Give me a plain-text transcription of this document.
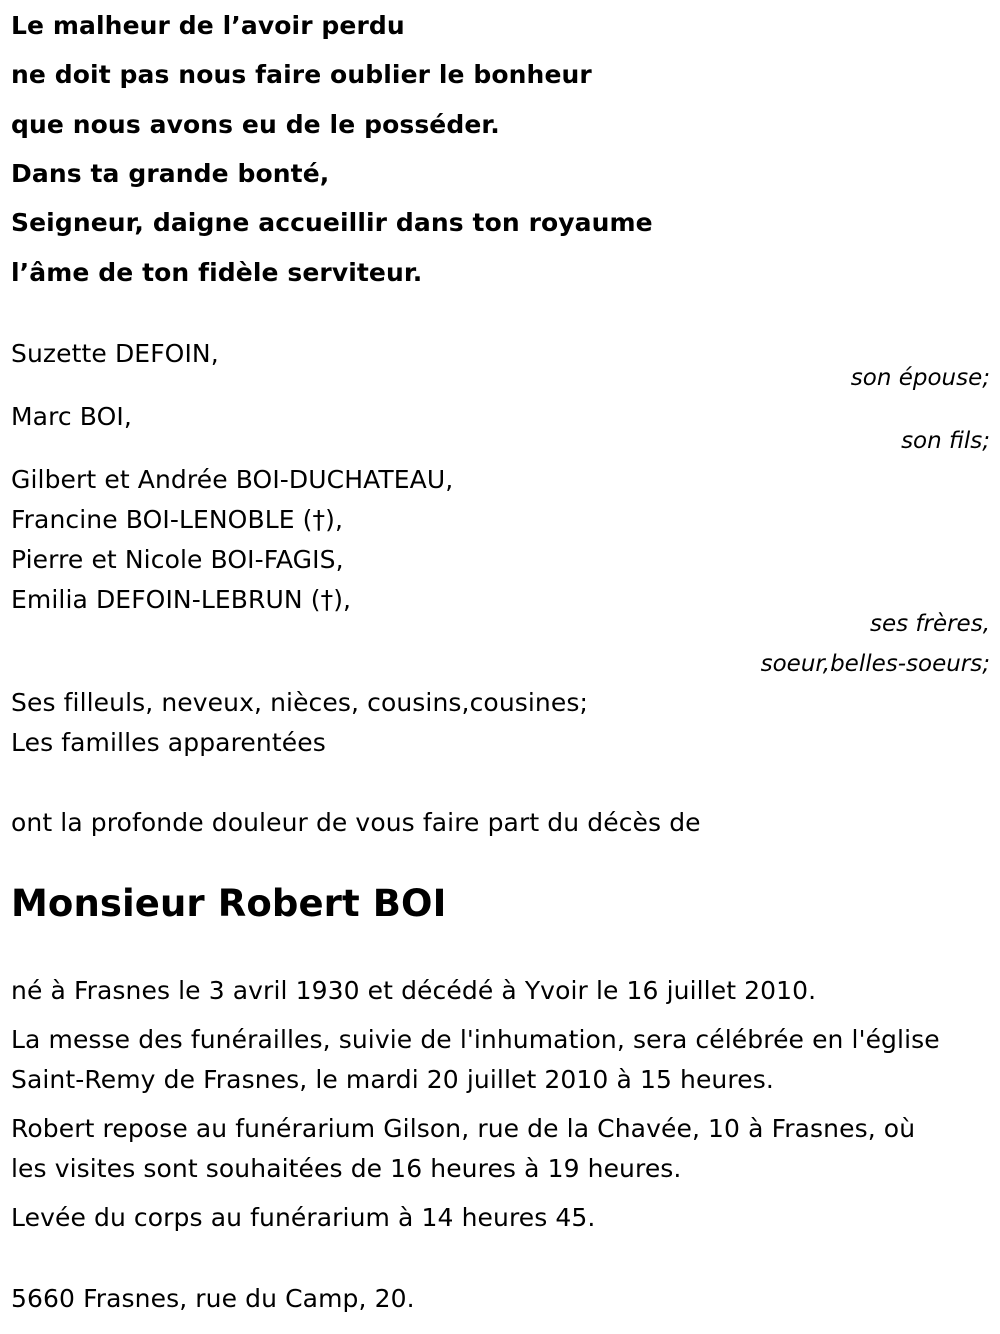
Le malheur de l’avoir perdu
ne doit pas nous faire oublier le bonheur
que nous avons eu de le posséder.
Dans ta grande bonté,
Seigneur, daigne accueillir dans ton royaume
l’âme de ton fidèle serviteur.
Suzette DEFOIN,
son épouse;
Marc BOI,
son fils;
Gilbert et Andrée BOI-DUCHATEAU,
Francine BOI-LENOBLE (†),
Pierre et Nicole BOI-FAGIS,
Emilia DEFOIN-LEBRUN (†),
ses frères,
soeur,belles-soeurs;
Ses filleuls, neveux, nièces, cousins,cousines;
Les familles apparentées
ont la profonde douleur de vous faire part du décès de
Monsieur Robert BOI
né à Frasnes le 3 avril 1930 et décédé à Yvoir le 16 juillet 2010.
La messe des funérailles, suivie de l'inhumation, sera célébrée en l'église
Saint-Remy de Frasnes, le mardi 20 juillet 2010 à 15 heures.
Robert repose au funérarium Gilson, rue de la Chavée, 10 à Frasnes, où
les visites sont souhaitées de 16 heures à 19 heures.
Levée du corps au funérarium à 14 heures 45.
5660 Frasnes, rue du Camp, 20.
